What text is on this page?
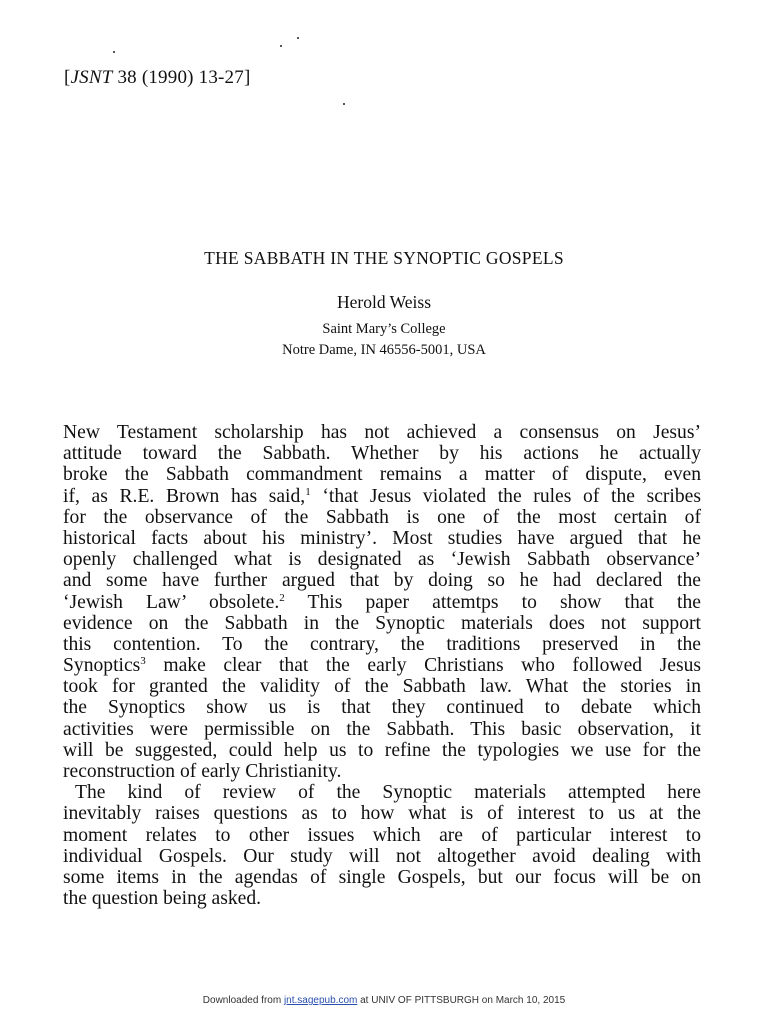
[JSNT 38 (1990) 13-27]
THE SABBATH IN THE SYNOPTIC GOSPELS
Herold Weiss
Saint Mary’s College
Notre Dame, IN 46556-5001, USA
New Testament scholarship has not achieved a consensus on Jesus’
attitude toward the Sabbath. Whether by his actions he actually
broke the Sabbath commandment remains a matter of dispute, even
if, as R.E. Brown has said,$^1$ ‘that Jesus violated the rules of the scribes
for the observance of the Sabbath is one of the most certain of
historical facts about his ministry’. Most studies have argued that he
openly challenged what is designated as ‘Jewish Sabbath observance’
and some have further argued that by doing so he had declared the
‘Jewish Law’ obsolete.$^2$ This paper attemtps to show that the
evidence on the Sabbath in the Synoptic materials does not support
this contention. To the contrary, the traditions preserved in the
Synoptics$^3$ make clear that the early Christians who followed Jesus
took for granted the validity of the Sabbath law. What the stories in
the Synoptics show us is that they continued to debate which
activities were permissible on the Sabbath. This basic observation, it
will be suggested, could help us to refine the typologies we use for the
reconstruction of early Christianity.
The kind of review of the Synoptic materials attempted here
inevitably raises questions as to how what is of interest to us at the
moment relates to other issues which are of particular interest to
individual Gospels. Our study will not altogether avoid dealing with
some items in the agendas of single Gospels, but our focus will be on
the question being asked.
Downloaded from jnt.sagepub.com at UNIV OF PITTSBURGH on March 10, 2015
